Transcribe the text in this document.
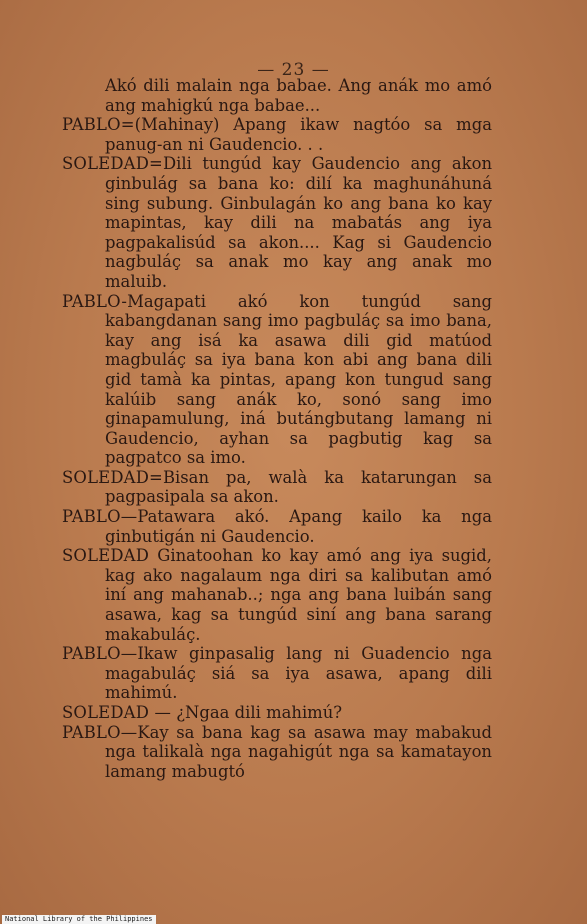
— 23 —

Akó dili malain nga babae. Ang anák mo amó ang mahigkú nga babae...

PABLO=(Mahinay) Apang ikaw nagtóo sa mga panug-an ni Gaudencio. . .

SOLEDAD=Dili tungúd kay Gaudencio ang akon ginbulág sa bana ko: dilí ka maghunáhuná sing subung. Ginbulagán ko ang bana ko kay mapintas, kay dili na mabatás ang iya pagpakalisúd sa akon.... Kag si Gaudencio nagbuláç sa anak mo kay ang anak mo maluib.

PABLO-Magapati akó kon tungúd sang kabangdanan sang imo pagbuláç sa imo bana, kay ang isá ka asawa dili gid matúod magbuláç sa iya bana kon abi ang bana dili gid tamà ka pintas, apang kon tungud sang kalúib sang anák ko, sonó sang imo ginapamulung, iná butángbutang lamang ni Gaudencio, ayhan sa pagbutig kag sa pagpatco sa imo.

SOLEDAD=Bisan pa, walà ka katarungan sa pagpasipala sa akon.

PABLO—Patawara akó. Apang kailo ka nga ginbutigán ni Gaudencio.

SOLEDAD Ginatoohan ko kay amó ang iya sugid, kag ako nagalaum nga diri sa kalibutan amó iní ang mahanab..; nga ang bana luibán sang asawa, kag sa tungúd siní ang bana sarang makabuláç.

PABLO—Ikaw ginpasalig lang ni Guadencio nga magabuláç siá sa iya asawa, apang dili mahimú.

SOLEDAD — ¿Ngaa dili mahimú?

PABLO—Kay sa bana kag sa asawa may mabakud nga talikalà nga nagahigút nga sa kamatayon lamang mabugtó

National Library of the Philippines
